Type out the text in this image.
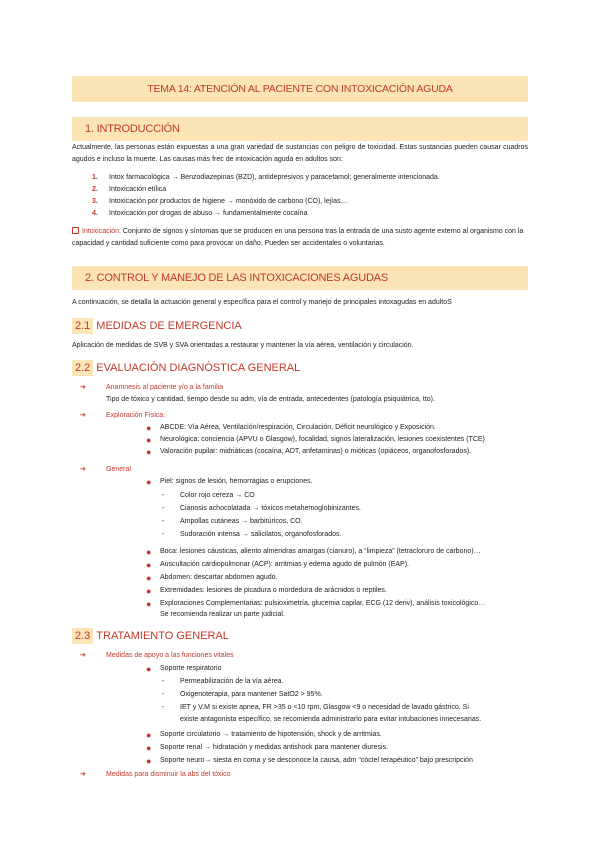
TEMA 14: ATENCIÓN AL PACIENTE CON INTOXICACIÓN AGUDA
1. INTRODUCCIÓN
Actualmente, las personas están expuestas a una gran variedad de sustancias con peligro de toxicidad. Estas sustancias pueden causar cuadros agudos e incluso la muerte. Las causas más frec de intoxicación aguda en adultos son:
1.	Intox farmacológica → Benzodiazepinas (BZD), antidepresivos y paracetamol; generalmente intencionada.
2.	Intoxicación etílica
3.	Intoxicación por productos de higiene → monóxido de carbono (CO), lejías…
4.	Intoxicación por drogas de abuso → fundamentalmente cocaína
Intoxicación: Conjunto de signos y síntomas que se producen en una persona tras la entrada de una susto agente externo al organismo con la capacidad y cantidad suficiente como para provocar un daño. Pueden ser accidentales o voluntarias.
2. CONTROL Y MANEJO DE LAS INTOXICACIONES AGUDAS
A continuación, se detalla la actuación general y específica para el control y manejo de principales intoxagudas en adultoS
2.1 MEDIDAS DE EMERGENCIA
Aplicación de medidas de SVB y SVA orientadas a restaurar y mantener la vía aérea, ventilación y circulación.
2.2 EVALUACIÓN DIAGNÓSTICA GENERAL
➔	Anamnesis al paciente y/o a la familia
Tipo de tóxico y cantidad, tiempo desde su adm, vía de entrada, antecedentes (patología psiquiátrica, tto).
➔	Exploración Física:
●	ABCDE: Vía Aérea, Ventilación/respiración, Circulación, Déficit neurológico y Exposición.
●	Neurológica: conciencia (APVU o Glasgow), focalidad, signos lateralización, lesiones coexistentes (TCE)
●	Valoración pupilar: midriáticas (cocaína, ADT, anfetaminas) o mióticas (opiáceos, organofosforados).
➔	General
●	Piel: signos de lesión, hemorragias o erupciones.
-	Color rojo cereza → CO
-	Cianosis achocolatada → tóxicos metahemoglobinizantes.
-	Ampollas cutáneas → barbitúricos, CO.
-	Sudoración intensa → salicilatos, organofosforados.
●	Boca: lesiones cáusticas, aliento almendras amargas (cianuro), a “limpieza” (tetracloruro de carbono)…
●	Auscultación cardiopulmonar (ACP): arritmias y edema agudo de pulmón (EAP).
●	Abdomen: descartar abdomen agudo.
●	Extremidades: lesiones de picadura o mordedura de arácnidos o reptiles.
●	Exploraciones Complementarias: pulsioximetría, glucemia capilar, ECG (12 deriv), análisis toxicológico…
Se recomienda realizar un parte judicial.
2.3 TRATAMIENTO GENERAL
➔	Medidas de apoyo a las funciones vitales
●	Soporte respiratorio
-	Permeabilización de la vía aérea.
-	Oxigenoterapia, para mantener SatO2 > 95%.
-	IET y V.M si existe apnea, FR >35 o <10 rpm, Glasgow <9 o necesidad de lavado gástrico. Si
existe antagonista específico, se recomienda administrarlo para evitar intubaciones innecesarias.
●	Soporte circulatorio → tratamiento de hipotensión, shock y de arritmias.
●	Soporte renal → hidratación y medidas antishock para mantener diuresis.
●	Soporte neuro→ siesta en coma y se desconoce la causa, adm “cóctel terapéutico” bajo prescripción
➔	Medidas para disminuir la abs del tóxico
